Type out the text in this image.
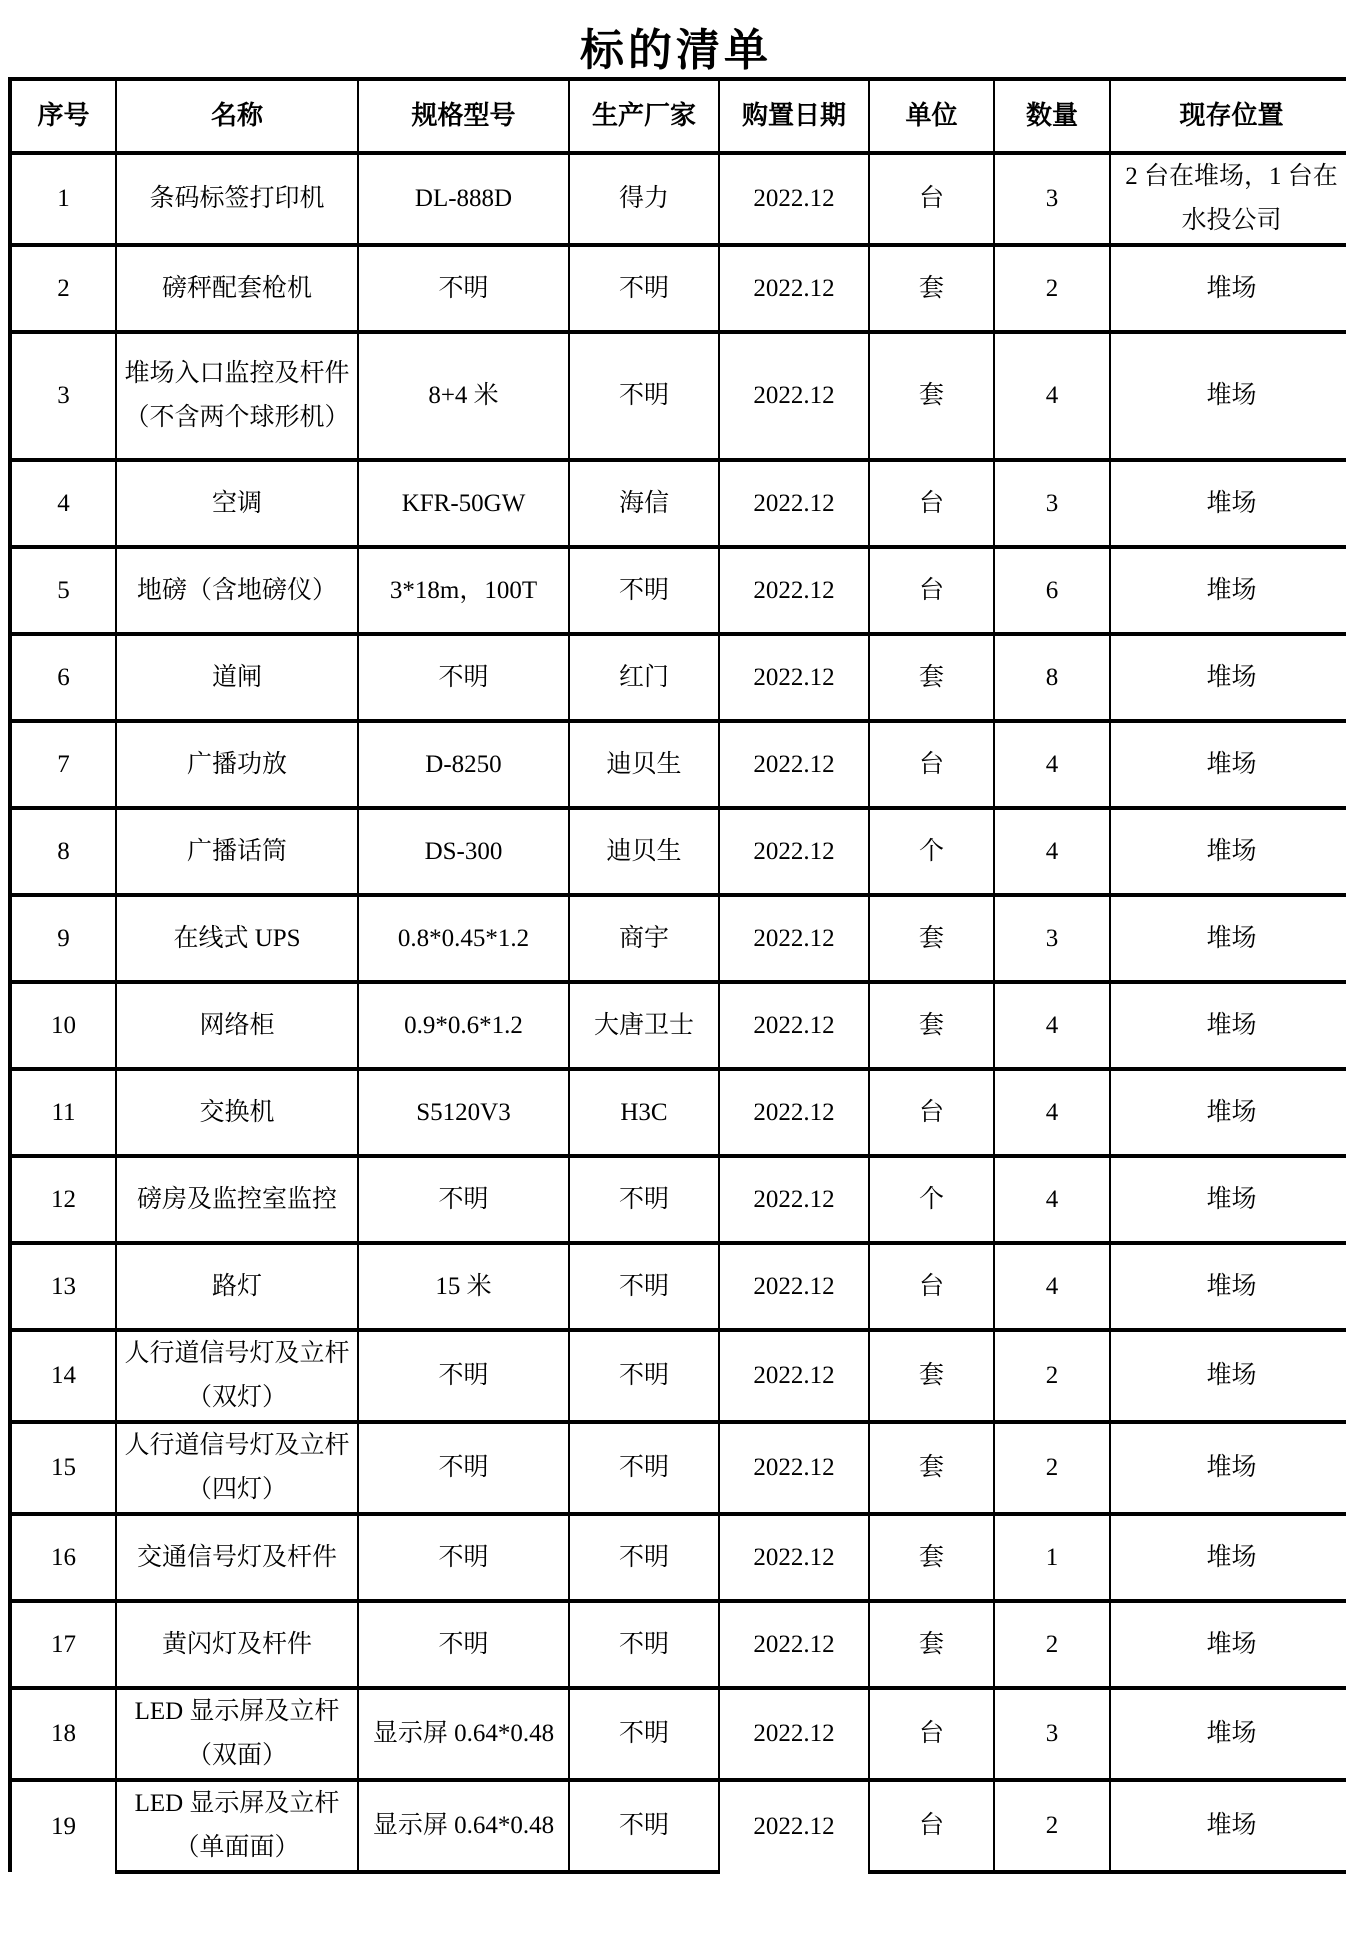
标的清单
序号	名称	规格型号	生产厂家	购置日期	单位	数量	现存位置
1	条码标签打印机	DL-888D	得力	2022.12	台	3	2 台在堆场，1 台在水投公司
2	磅秤配套枪机	不明	不明	2022.12	套	2	堆场
3	堆场入口监控及杆件（不含两个球形机）	8+4 米	不明	2022.12	套	4	堆场
4	空调	KFR-50GW	海信	2022.12	台	3	堆场
5	地磅（含地磅仪）	3*18m，100T	不明	2022.12	台	6	堆场
6	道闸	不明	红门	2022.12	套	8	堆场
7	广播功放	D-8250	迪贝生	2022.12	台	4	堆场
8	广播话筒	DS-300	迪贝生	2022.12	个	4	堆场
9	在线式 UPS	0.8*0.45*1.2	商宇	2022.12	套	3	堆场
10	网络柜	0.9*0.6*1.2	大唐卫士	2022.12	套	4	堆场
11	交换机	S5120V3	H3C	2022.12	台	4	堆场
12	磅房及监控室监控	不明	不明	2022.12	个	4	堆场
13	路灯	15 米	不明	2022.12	台	4	堆场
14	人行道信号灯及立杆（双灯）	不明	不明	2022.12	套	2	堆场
15	人行道信号灯及立杆（四灯）	不明	不明	2022.12	套	2	堆场
16	交通信号灯及杆件	不明	不明	2022.12	套	1	堆场
17	黄闪灯及杆件	不明	不明	2022.12	套	2	堆场
18	LED 显示屏及立杆（双面）	显示屏 0.64*0.48	不明	2022.12	台	3	堆场
19	LED 显示屏及立杆（单面面）	显示屏 0.64*0.48	不明	2022.12	台	2	堆场
